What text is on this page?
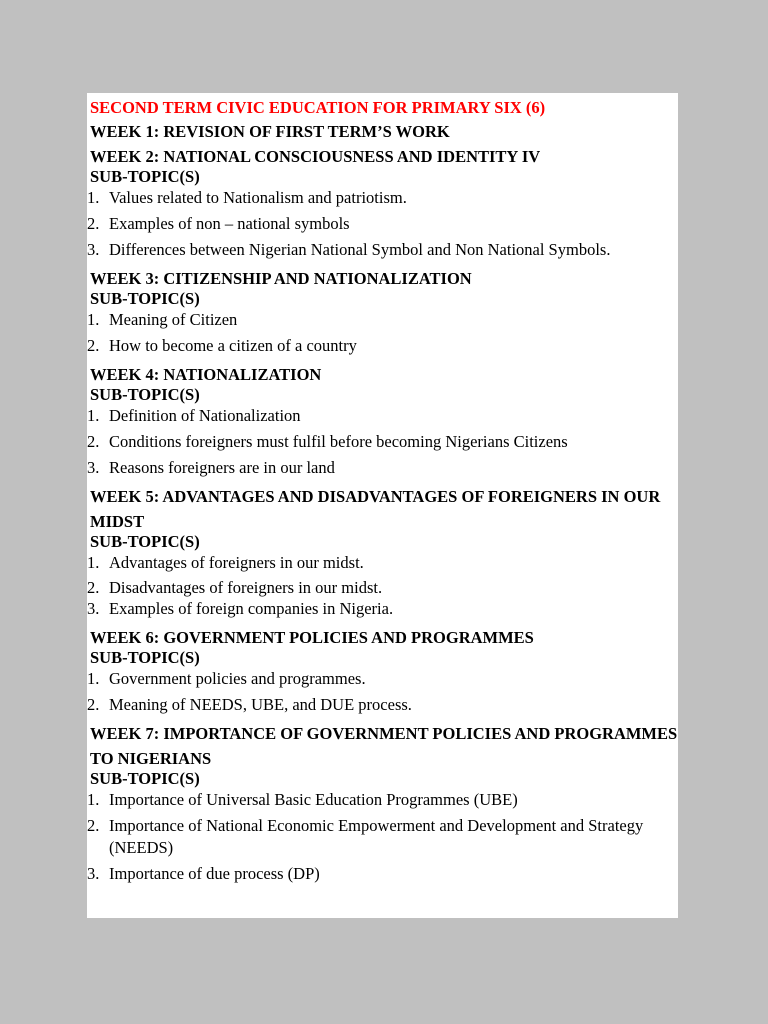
SECOND TERM CIVIC EDUCATION FOR PRIMARY SIX (6)
WEEK 1: REVISION OF FIRST TERM’S WORK
WEEK 2: NATIONAL CONSCIOUSNESS AND IDENTITY IV
SUB-TOPIC(S)
1. Values related to Nationalism and patriotism.
2. Examples of non – national symbols
3. Differences between Nigerian National Symbol and Non National Symbols.
WEEK 3: CITIZENSHIP AND NATIONALIZATION
SUB-TOPIC(S)
1. Meaning of Citizen
2. How to become a citizen of a country
WEEK 4: NATIONALIZATION
SUB-TOPIC(S)
1. Definition of Nationalization
2. Conditions foreigners must fulfil before becoming Nigerians Citizens
3. Reasons foreigners are in our land
WEEK 5: ADVANTAGES AND DISADVANTAGES OF FOREIGNERS IN OUR MIDST
SUB-TOPIC(S)
1. Advantages of foreigners in our midst.
2. Disadvantages of foreigners in our midst.
3. Examples of foreign companies in Nigeria.
WEEK 6: GOVERNMENT POLICIES AND PROGRAMMES
SUB-TOPIC(S)
1. Government policies and programmes.
2. Meaning of NEEDS, UBE, and DUE process.
WEEK 7: IMPORTANCE OF GOVERNMENT POLICIES AND PROGRAMMES TO NIGERIANS
SUB-TOPIC(S)
1. Importance of Universal Basic Education Programmes (UBE)
2. Importance of National Economic Empowerment and Development and Strategy (NEEDS)
3. Importance of due process (DP)
